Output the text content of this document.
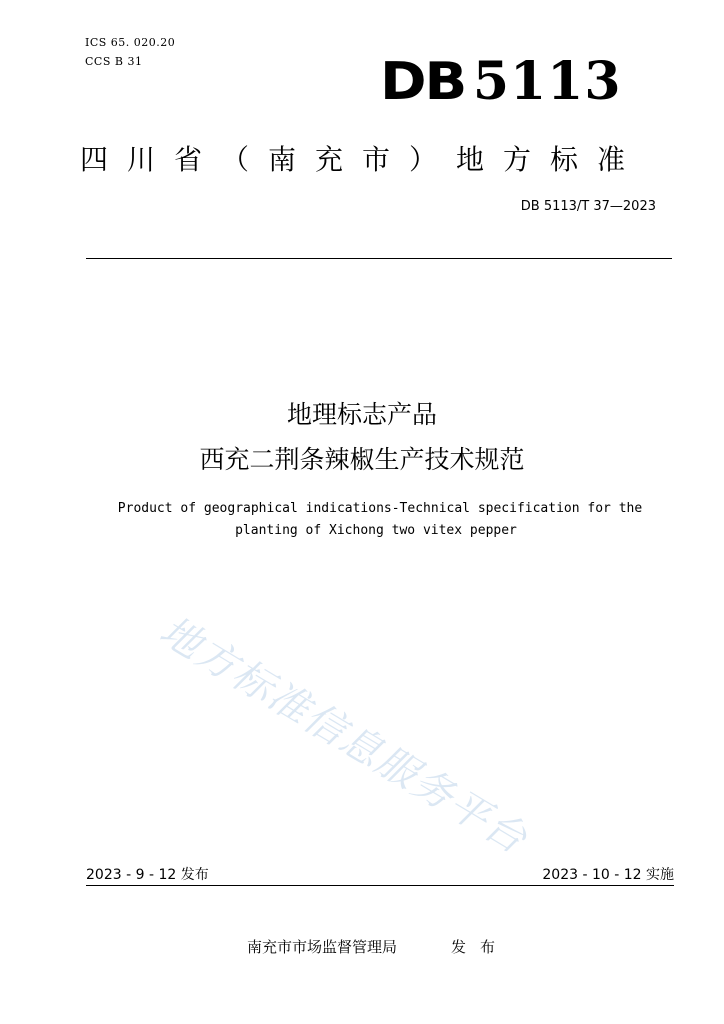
ICS 65. 020.20
CCS B 31	DB 5113
四川省（南充市）地方标准
DB 5113/T 37—2023
地理标志产品
西充二荆条辣椒生产技术规范
Product of geographical indications-Technical specification for the
planting of Xichong two vitex pepper
地方标准信息服务平台
2023 - 9 - 12 发布	2023 - 10 - 12 实施
南充市市场监督管理局	发布
